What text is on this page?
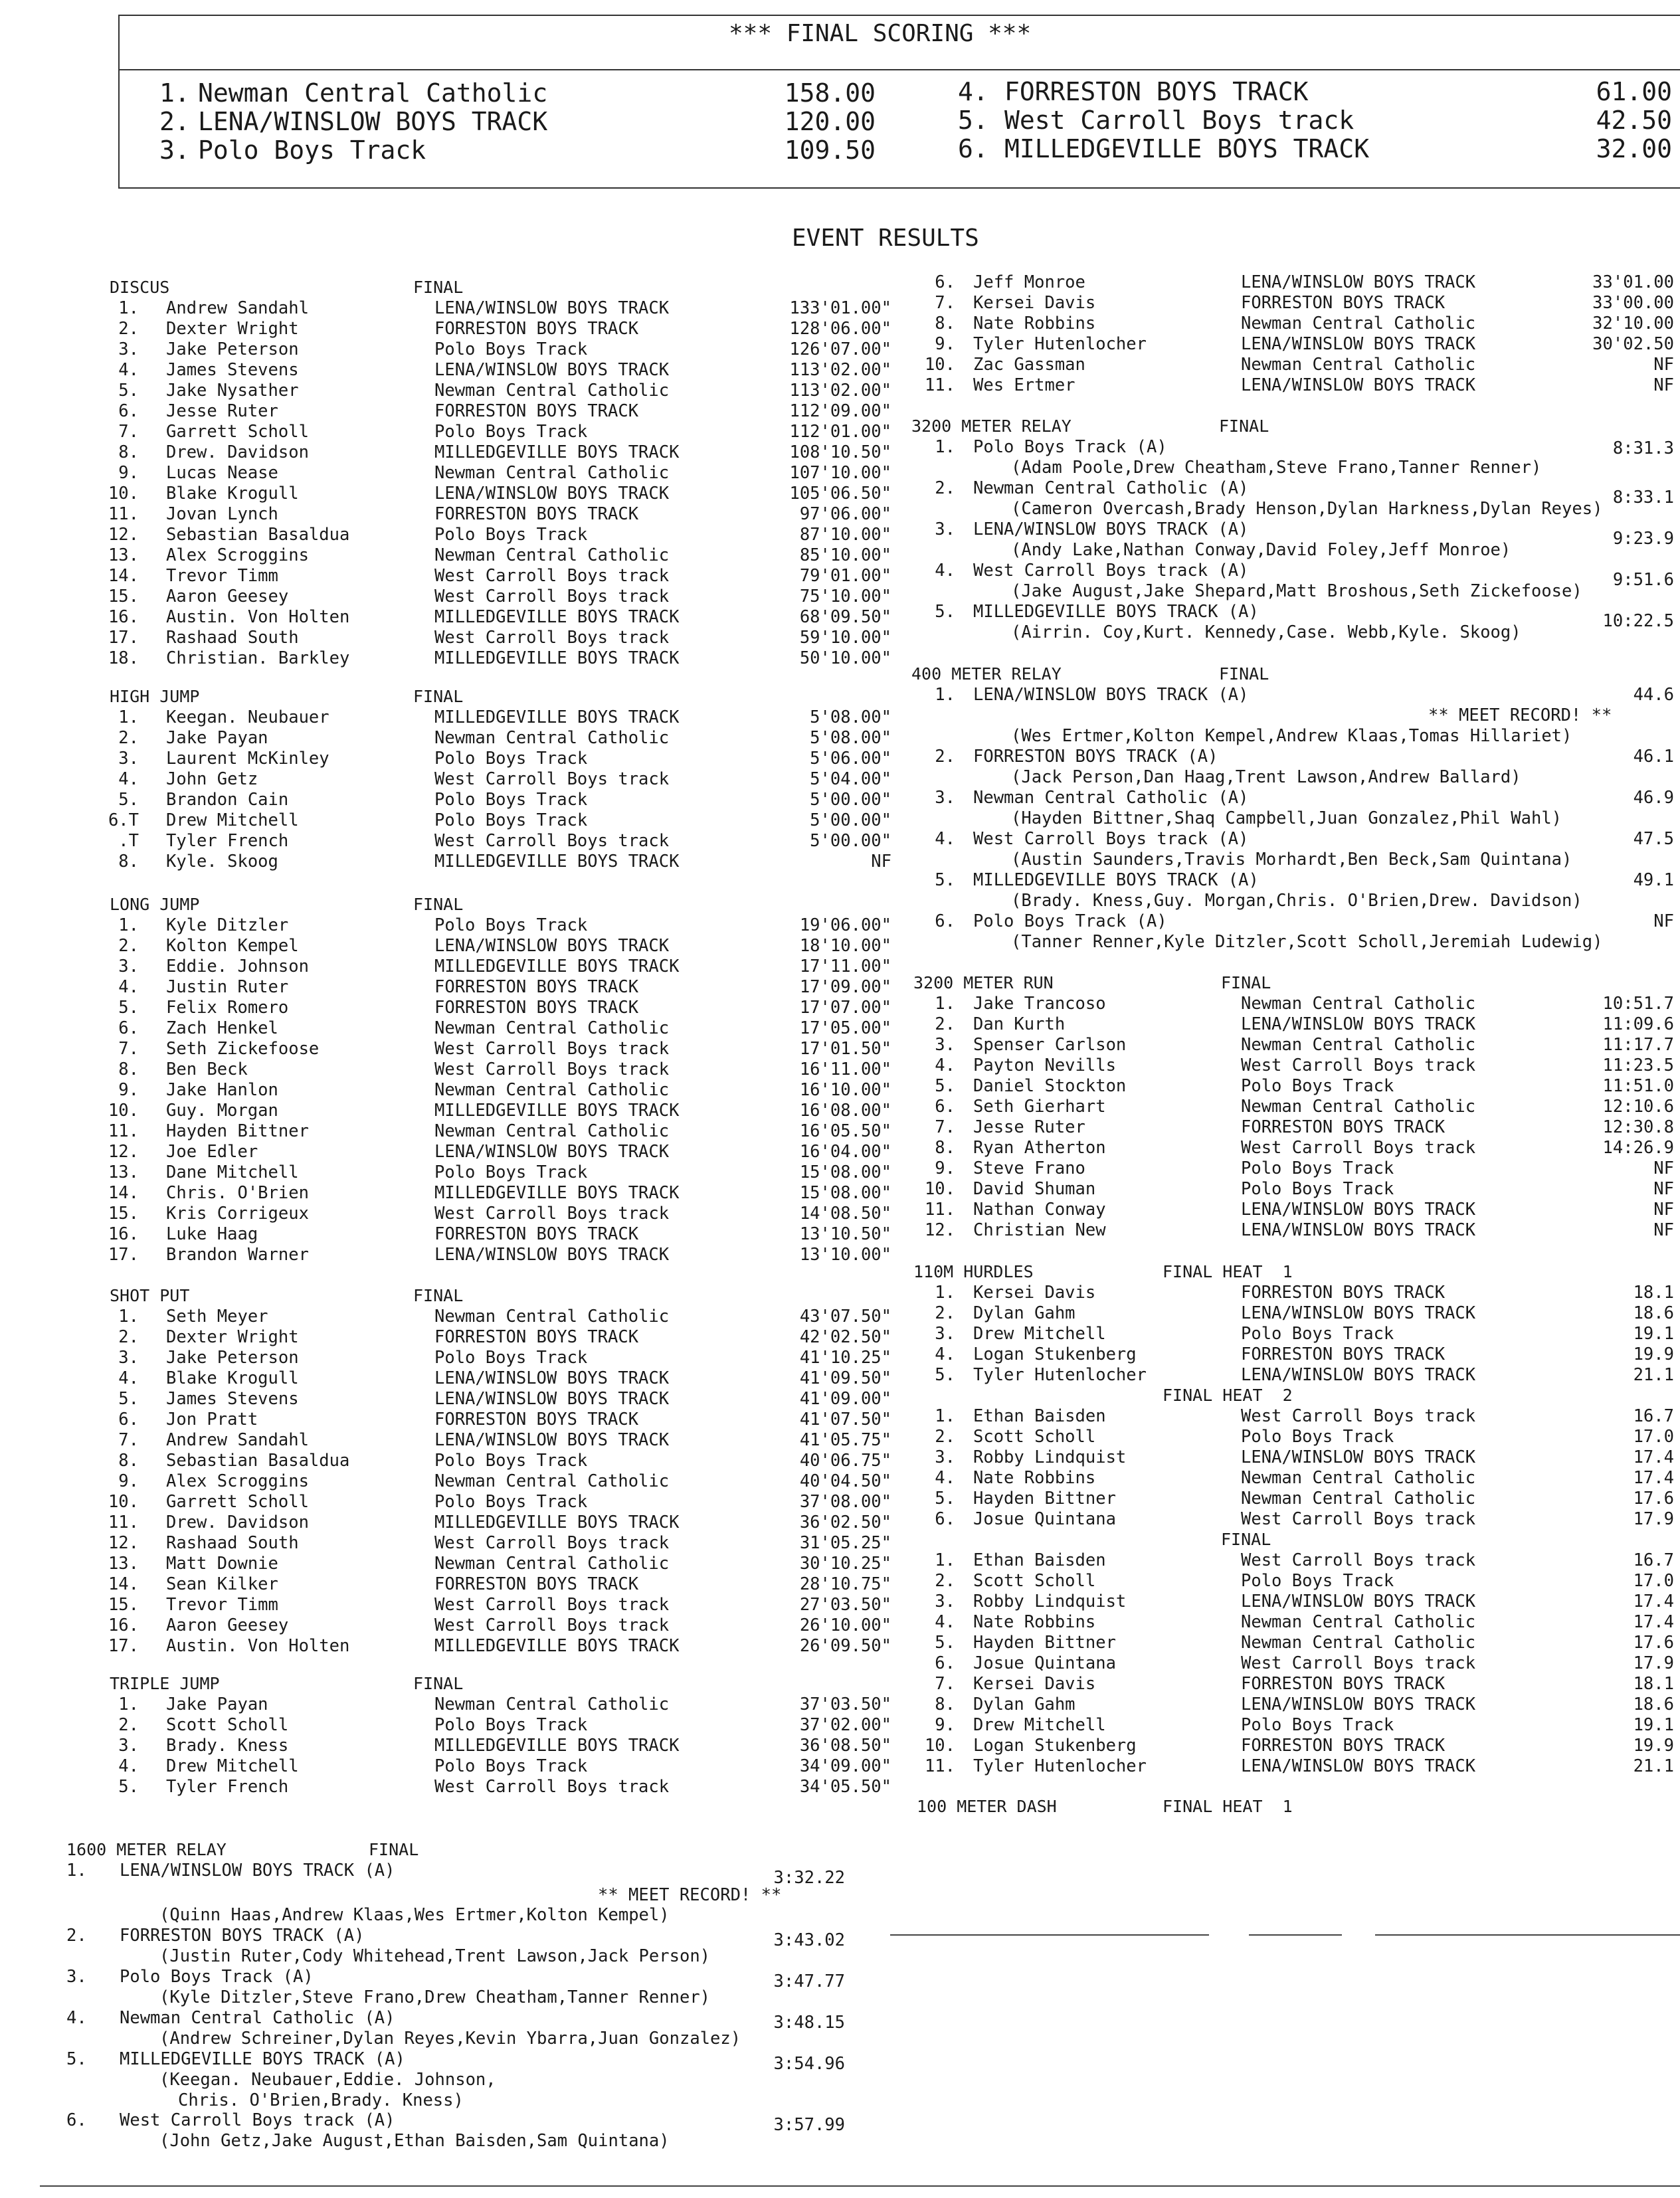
*** FINAL SCORING ***
1. Newman Central Catholic	158.00
2. LENA/WINSLOW BOYS TRACK	120.00
3. Polo Boys Track	109.50
4. FORRESTON BOYS TRACK	61.00
5. West Carroll Boys track	42.50
6. MILLEDGEVILLE BOYS TRACK	32.00
EVENT RESULTS
DISCUS	FINAL
1. Andrew Sandahl	LENA/WINSLOW BOYS TRACK	133'01.00"
2. Dexter Wright	FORRESTON BOYS TRACK	128'06.00"
3. Jake Peterson	Polo Boys Track	126'07.00"
4. James Stevens	LENA/WINSLOW BOYS TRACK	113'02.00"
5. Jake Nysather	Newman Central Catholic	113'02.00"
6. Jesse Ruter	FORRESTON BOYS TRACK	112'09.00"
7. Garrett Scholl	Polo Boys Track	112'01.00"
8. Drew. Davidson	MILLEDGEVILLE BOYS TRACK	108'10.50"
9. Lucas Nease	Newman Central Catholic	107'10.00"
10. Blake Krogull	LENA/WINSLOW BOYS TRACK	105'06.50"
11. Jovan Lynch	FORRESTON BOYS TRACK	97'06.00"
12. Sebastian Basaldua	Polo Boys Track	87'10.00"
13. Alex Scroggins	Newman Central Catholic	85'10.00"
14. Trevor Timm	West Carroll Boys track	79'01.00"
15. Aaron Geesey	West Carroll Boys track	75'10.00"
16. Austin. Von Holten	MILLEDGEVILLE BOYS TRACK	68'09.50"
17. Rashaad South	West Carroll Boys track	59'10.00"
18. Christian. Barkley	MILLEDGEVILLE BOYS TRACK	50'10.00"
HIGH JUMP	FINAL
1. Keegan. Neubauer	MILLEDGEVILLE BOYS TRACK	5'08.00"
2. Jake Payan	Newman Central Catholic	5'08.00"
3. Laurent McKinley	Polo Boys Track	5'06.00"
4. John Getz	West Carroll Boys track	5'04.00"
5. Brandon Cain	Polo Boys Track	5'00.00"
6.T Drew Mitchell	Polo Boys Track	5'00.00"
.T Tyler French	West Carroll Boys track	5'00.00"
8. Kyle. Skoog	MILLEDGEVILLE BOYS TRACK	NF
LONG JUMP	FINAL
1. Kyle Ditzler	Polo Boys Track	19'06.00"
2. Kolton Kempel	LENA/WINSLOW BOYS TRACK	18'10.00"
3. Eddie. Johnson	MILLEDGEVILLE BOYS TRACK	17'11.00"
4. Justin Ruter	FORRESTON BOYS TRACK	17'09.00"
5. Felix Romero	FORRESTON BOYS TRACK	17'07.00"
6. Zach Henkel	Newman Central Catholic	17'05.00"
7. Seth Zickefoose	West Carroll Boys track	17'01.50"
8. Ben Beck	West Carroll Boys track	16'11.00"
9. Jake Hanlon	Newman Central Catholic	16'10.00"
10. Guy. Morgan	MILLEDGEVILLE BOYS TRACK	16'08.00"
11. Hayden Bittner	Newman Central Catholic	16'05.50"
12. Joe Edler	LENA/WINSLOW BOYS TRACK	16'04.00"
13. Dane Mitchell	Polo Boys Track	15'08.00"
14. Chris. O'Brien	MILLEDGEVILLE BOYS TRACK	15'08.00"
15. Kris Corrigeux	West Carroll Boys track	14'08.50"
16. Luke Haag	FORRESTON BOYS TRACK	13'10.50"
17. Brandon Warner	LENA/WINSLOW BOYS TRACK	13'10.00"
SHOT PUT	FINAL
1. Seth Meyer	Newman Central Catholic	43'07.50"
2. Dexter Wright	FORRESTON BOYS TRACK	42'02.50"
3. Jake Peterson	Polo Boys Track	41'10.25"
4. Blake Krogull	LENA/WINSLOW BOYS TRACK	41'09.50"
5. James Stevens	LENA/WINSLOW BOYS TRACK	41'09.00"
6. Jon Pratt	FORRESTON BOYS TRACK	41'07.50"
7. Andrew Sandahl	LENA/WINSLOW BOYS TRACK	41'05.75"
8. Sebastian Basaldua	Polo Boys Track	40'06.75"
9. Alex Scroggins	Newman Central Catholic	40'04.50"
10. Garrett Scholl	Polo Boys Track	37'08.00"
11. Drew. Davidson	MILLEDGEVILLE BOYS TRACK	36'02.50"
12. Rashaad South	West Carroll Boys track	31'05.25"
13. Matt Downie	Newman Central Catholic	30'10.25"
14. Sean Kilker	FORRESTON BOYS TRACK	28'10.75"
15. Trevor Timm	West Carroll Boys track	27'03.50"
16. Aaron Geesey	West Carroll Boys track	26'10.00"
17. Austin. Von Holten	MILLEDGEVILLE BOYS TRACK	26'09.50"
TRIPLE JUMP	FINAL
1. Jake Payan	Newman Central Catholic	37'03.50"
2. Scott Scholl	Polo Boys Track	37'02.00"
3. Brady. Kness	MILLEDGEVILLE BOYS TRACK	36'08.50"
4. Drew Mitchell	Polo Boys Track	34'09.00"
5. Tyler French	West Carroll Boys track	34'05.50"
1600 METER RELAY	FINAL
1.	LENA/WINSLOW BOYS TRACK (A)	3:32.22
** MEET RECORD! **
(Quinn Haas,Andrew Klaas,Wes Ertmer,Kolton Kempel)
2.	FORRESTON BOYS TRACK (A)	3:43.02
(Justin Ruter,Cody Whitehead,Trent Lawson,Jack Person)
3.	Polo Boys Track (A)	3:47.77
(Kyle Ditzler,Steve Frano,Drew Cheatham,Tanner Renner)
4.	Newman Central Catholic (A)	3:48.15
(Andrew Schreiner,Dylan Reyes,Kevin Ybarra,Juan Gonzalez)
5.	MILLEDGEVILLE BOYS TRACK (A)	3:54.96
(Keegan. Neubauer,Eddie. Johnson,
Chris. O'Brien,Brady. Kness)
6.	West Carroll Boys track (A)	3:57.99
(John Getz,Jake August,Ethan Baisden,Sam Quintana)
6. Jeff Monroe	LENA/WINSLOW BOYS TRACK	33'01.00
7. Kersei Davis	FORRESTON BOYS TRACK	33'00.00
8. Nate Robbins	Newman Central Catholic	32'10.00
9. Tyler Hutenlocher	LENA/WINSLOW BOYS TRACK	30'02.50
10. Zac Gassman	Newman Central Catholic	NF
11. Wes Ertmer	LENA/WINSLOW BOYS TRACK	NF
3200 METER RELAY	FINAL
1. Polo Boys Track (A)	8:31.3
(Adam Poole,Drew Cheatham,Steve Frano,Tanner Renner)
2. Newman Central Catholic (A)	8:33.1
(Cameron Overcash,Brady Henson,Dylan Harkness,Dylan Reyes)
3. LENA/WINSLOW BOYS TRACK (A)	9:23.9
(Andy Lake,Nathan Conway,David Foley,Jeff Monroe)
4. West Carroll Boys track (A)	9:51.6
(Jake August,Jake Shepard,Matt Broshous,Seth Zickefoose)
5. MILLEDGEVILLE BOYS TRACK (A)	10:22.5
(Airrin. Coy,Kurt. Kennedy,Case. Webb,Kyle. Skoog)
400 METER RELAY	FINAL
1. LENA/WINSLOW BOYS TRACK (A)	44.6
** MEET RECORD! **
(Wes Ertmer,Kolton Kempel,Andrew Klaas,Tomas Hillariet)
2. FORRESTON BOYS TRACK (A)	46.1
(Jack Person,Dan Haag,Trent Lawson,Andrew Ballard)
3. Newman Central Catholic (A)	46.9
(Hayden Bittner,Shaq Campbell,Juan Gonzalez,Phil Wahl)
4. West Carroll Boys track (A)	47.5
(Austin Saunders,Travis Morhardt,Ben Beck,Sam Quintana)
5. MILLEDGEVILLE BOYS TRACK (A)	49.1
(Brady. Kness,Guy. Morgan,Chris. O'Brien,Drew. Davidson)
6. Polo Boys Track (A)	NF
(Tanner Renner,Kyle Ditzler,Scott Scholl,Jeremiah Ludewig)
3200 METER RUN	FINAL
1. Jake Trancoso	Newman Central Catholic	10:51.7
2. Dan Kurth	LENA/WINSLOW BOYS TRACK	11:09.6
3. Spenser Carlson	Newman Central Catholic	11:17.7
4. Payton Nevills	West Carroll Boys track	11:23.5
5. Daniel Stockton	Polo Boys Track	11:51.0
6. Seth Gierhart	Newman Central Catholic	12:10.6
7. Jesse Ruter	FORRESTON BOYS TRACK	12:30.8
8. Ryan Atherton	West Carroll Boys track	14:26.9
9. Steve Frano	Polo Boys Track	NF
10. David Shuman	Polo Boys Track	NF
11. Nathan Conway	LENA/WINSLOW BOYS TRACK	NF
12. Christian New	LENA/WINSLOW BOYS TRACK	NF
110M HURDLES	FINAL HEAT  1
1. Kersei Davis	FORRESTON BOYS TRACK	18.1
2. Dylan Gahm	LENA/WINSLOW BOYS TRACK	18.6
3. Drew Mitchell	Polo Boys Track	19.1
4. Logan Stukenberg	FORRESTON BOYS TRACK	19.9
5. Tyler Hutenlocher	LENA/WINSLOW BOYS TRACK	21.1
FINAL HEAT  2
1. Ethan Baisden	West Carroll Boys track	16.7
2. Scott Scholl	Polo Boys Track	17.0
3. Robby Lindquist	LENA/WINSLOW BOYS TRACK	17.4
4. Nate Robbins	Newman Central Catholic	17.4
5. Hayden Bittner	Newman Central Catholic	17.6
6. Josue Quintana	West Carroll Boys track	17.9
FINAL
1. Ethan Baisden	West Carroll Boys track	16.7
2. Scott Scholl	Polo Boys Track	17.0
3. Robby Lindquist	LENA/WINSLOW BOYS TRACK	17.4
4. Nate Robbins	Newman Central Catholic	17.4
5. Hayden Bittner	Newman Central Catholic	17.6
6. Josue Quintana	West Carroll Boys track	17.9
7. Kersei Davis	FORRESTON BOYS TRACK	18.1
8. Dylan Gahm	LENA/WINSLOW BOYS TRACK	18.6
9. Drew Mitchell	Polo Boys Track	19.1
10. Logan Stukenberg	FORRESTON BOYS TRACK	19.9
11. Tyler Hutenlocher	LENA/WINSLOW BOYS TRACK	21.1
100 METER DASH	FINAL HEAT  1
